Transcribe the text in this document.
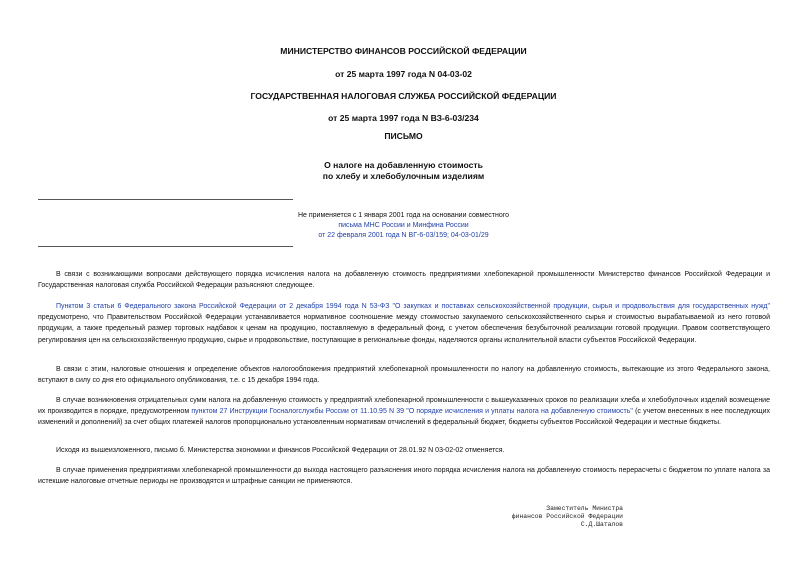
МИНИСТЕРСТВО ФИНАНСОВ РОССИЙСКОЙ ФЕДЕРАЦИИ
от 25 марта 1997 года N 04-03-02
ГОСУДАРСТВЕННАЯ НАЛОГОВАЯ СЛУЖБА РОССИЙСКОЙ ФЕДЕРАЦИИ
от 25 марта 1997 года N ВЗ-6-03/234
ПИСЬМО
О налоге на добавленную стоимость
по хлебу и хлебобулочным изделиям
Не применяется с 1 января 2001 года на основании совместного
письма МНС России и Минфина России
от 22 февраля 2001 года N ВГ-6-03/159; 04-03-01/29

В связи с возникающими вопросами действующего порядка исчисления налога на добавленную стоимость предприятиями хлебопекарной промышленности Министерство финансов Российской Федерации и Государственная налоговая служба Российской Федерации разъясняют следующее.

Пунктом 3 статьи 6 Федерального закона Российской Федерации от 2 декабря 1994 года N 53-ФЗ "О закупках и поставках сельскохозяйственной продукции, сырья и продовольствия для государственных нужд" предусмотрено, что Правительством Российской Федерации устанавливается нормативное соотношение между стоимостью закупаемого сельскохозяйственного сырья и стоимостью вырабатываемой из него готовой продукции, а также предельный размер торговых надбавок к ценам на продукцию, поставляемую в федеральный фонд, с учетом обеспечения безубыточной реализации готовой продукции. Правом соответствующего регулирования цен на сельскохозяйственную продукцию, сырье и продовольствие, поступающие в региональные фонды, наделяются органы исполнительной власти субъектов Российской Федерации.

В связи с этим, налоговые отношения и определение объектов налогообложения предприятий хлебопекарной промышленности по налогу на добавленную стоимость, вытекающие из этого Федерального закона, вступают в силу со дня его официального опубликования, т.е. с 15 декабря 1994 года.

В случае возникновения отрицательных сумм налога на добавленную стоимость у предприятий хлебопекарной промышленности с вышеуказанных сроков по реализации хлеба и хлебобулочных изделий возмещение их производится в порядке, предусмотренном пунктом 27 Инструкции Госналогслужбы России от 11.10.95 N 39 "О порядке исчисления и уплаты налога на добавленную стоимость" (с учетом внесенных в нее последующих изменений и дополнений) за счет общих платежей налогов пропорционально установленным нормативам отчислений в федеральный бюджет, бюджеты субъектов Российской Федерации и местные бюджеты.

Исходя из вышеизложенного, письмо б. Министерства экономики и финансов Российской Федерации от 28.01.92 N 03-02-02 отменяется.

В случае применения предприятиями хлебопекарной промышленности до выхода настоящего разъяснения иного порядка исчисления налога на добавленную стоимость перерасчеты с бюджетом по уплате налога за истекшие налоговые отчетные периоды не производятся и штрафные санкции не применяются.

Заместитель Министра
финансов Российской Федерации
С.Д.Шаталов
